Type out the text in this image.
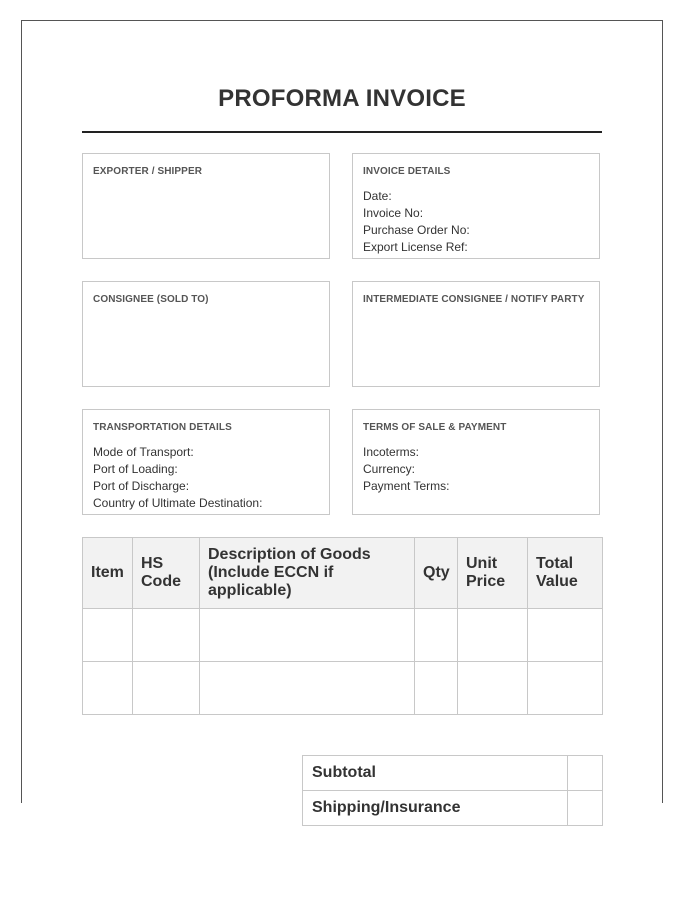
PROFORMA INVOICE
EXPORTER / SHIPPER	INVOICE DETAILS
Date:
Invoice No:
Purchase Order No:
Export License Ref:
CONSIGNEE (SOLD TO)	INTERMEDIATE CONSIGNEE / NOTIFY PARTY
TRANSPORTATION DETAILS
Mode of Transport:
Port of Loading:
Port of Discharge:
Country of Ultimate Destination:
TERMS OF SALE & PAYMENT
Incoterms:
Currency:
Payment Terms:
Item	HS Code	Description of Goods (Include ECCN if applicable)	Qty	Unit Price	Total Value

Subtotal	
Shipping/Insurance	
